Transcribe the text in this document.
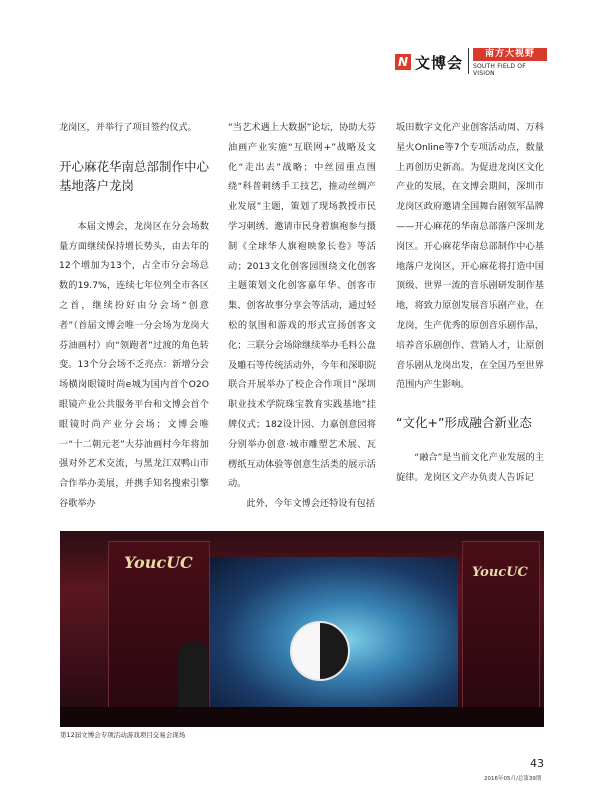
N 文博会	南方大视野
SOUTH FIELD OF VISION

龙岗区，并举行了项目签约仪式。

开心麻花华南总部制作中心基地落户龙岗

本届文博会，龙岗区在分会场数量方面继续保持增长势头，由去年的12个增加为13个，占全市分会场总数的19.7%，连续七年位列全市各区之首，继续扮好由分会场“创意者”（首届文博会唯一分会场为龙岗大芬油画村）向“领跑者”过渡的角色转变。13个分会场不乏亮点：新增分会场横岗眼镜时尚e城为国内首个O2O眼镜产业公共服务平台和文博会首个眼镜时尚产业分会场；文博会唯一“十二朝元老”大芬油画村今年将加强对外艺术交流，与黑龙江双鸭山市合作举办美展，并携手知名搜索引擎谷歌举办

“当艺术遇上大数据”论坛，协助大芬油画产业实施“互联网+”战略及文化“走出去”战略；中丝园重点围绕“科普刺绣手工技艺，推动丝绸产业发展”主题，策划了现场教授市民学习刺绣、邀请市民身着旗袍参与摄制《全球华人旗袍映象长卷》等活动；2013文化创客园围绕文化创客主题策划文化创客嘉年华、创客市集、创客故事分享会等活动，通过轻松的氛围和游戏的形式宣扬创客文化；三联分会场除继续举办毛料公盘及雕石等传统活动外，今年和深职院联合开展举办了校企合作项目“深圳职业技术学院珠宝教育实践基地”挂牌仪式；182设计园、力嘉创意园将分别举办创意·城市雕塑艺术展、瓦楞纸互动体验等创意生活类的展示活动。

此外，今年文博会还特设有包括

坂田数字文化产业创客活动周、万科星火Online等7个专项活动点，数量上再创历史新高。为促进龙岗区文化产业的发展，在文博会期间，深圳市龙岗区政府邀请全国舞台剧领军品牌——开心麻花的华南总部落户深圳龙岗区。开心麻花华南总部制作中心基地落户龙岗区，开心麻花将打造中国顶级、世界一流的音乐剧研发制作基地，将致力原创发展音乐剧产业，在龙岗，生产优秀的原创音乐剧作品，培养音乐剧创作、营销人才，让原创音乐剧从龙岗出发，在全国乃至世界范围内产生影响。

“文化+”形成融合新业态

“融合”是当前文化产业发展的主旋律。龙岗区文产办负责人告诉记

YoucUC
YoucUC
第12届文博会专项活动游戏项目交易会现场
43
2016年05月/总第39期
